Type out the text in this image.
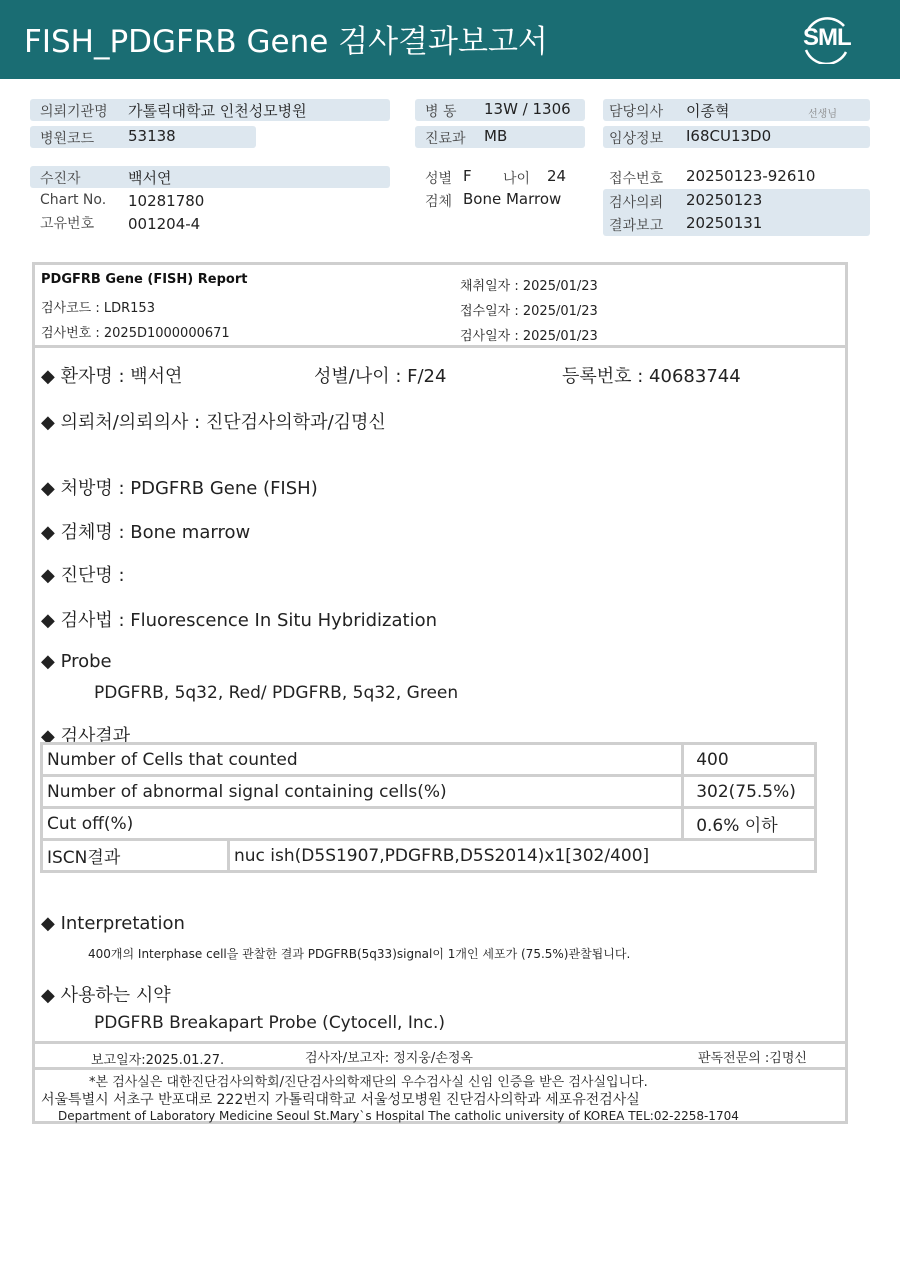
FISH_PDGFRB Gene 검사결과보고서	SML
의뢰기관명 가톨릭대학교 인천성모병원
병원코드 53138
병 동 13W / 1306
진료과 MB
담당의사 이종혁	선생님
임상정보 I68CU13D0
수진자	백서연
Chart No. 10281780
고유번호 001204-4
성별 F 나이 24
검체 Bone Marrow
접수번호 20250123-92610
검사의뢰 20250123
결과보고 20250131
PDGFRB Gene (FISH) Report
검사코드 : LDR153
검사번호 : 2025D1000000671
채취일자 : 2025/01/23
접수일자 : 2025/01/23
검사일자 : 2025/01/23
◆ 환자명 : 백서연	성별/나이 : F/24	등록번호 : 40683744
◆ 의뢰처/의뢰의사 : 진단검사의학과/김명신
◆ 처방명 : PDGFRB Gene (FISH)
◆ 검체명 : Bone marrow
◆ 진단명 :
◆ 검사법 : Fluorescence In Situ Hybridization
◆ Probe
PDGFRB, 5q32, Red/ PDGFRB, 5q32, Green
◆ 검사결과
Number of Cells that counted		400
Number of abnormal signal containing cells(%)		302(75.5%)
Cut off(%)		0.6% 이하
ISCN결과	nuc ish(D5S1907,PDGFRB,D5S2014)x1[302/400]	
◆ Interpretation
400개의 Interphase cell을 관찰한 결과 PDGFRB(5q33)signal이 1개인 세포가 (75.5%)관찰됩니다.
◆ 사용하는 시약
PDGFRB Breakapart Probe (Cytocell, Inc.)
보고일자:2025.01.27.	검사자/보고자: 정지웅/손정옥	판독전문의 :김명신
*본 검사실은 대한진단검사의학회/진단검사의학재단의 우수검사실 신임 인증을 받은 검사실입니다.
서울특별시 서초구 반포대로 222번지 가톨릭대학교 서울성모병원 진단검사의학과 세포유전검사실
Department of Laboratory Medicine Seoul St.Mary`s Hospital The catholic university of KOREA TEL:02-2258-1704
